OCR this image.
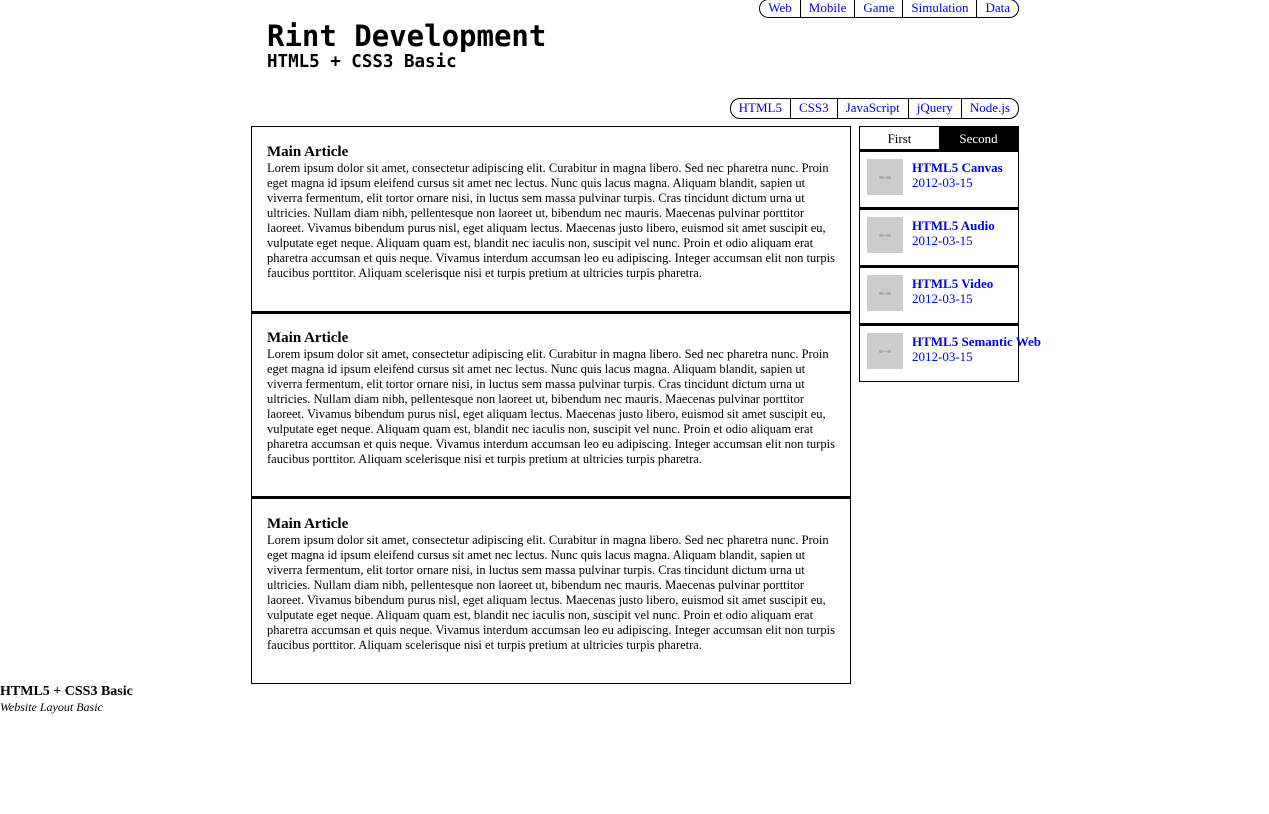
Web	Mobile	Game	Simulation	Data
Rint Development
HTML5 + CSS3 Basic
HTML5	CSS3	JavaScript	jQuery	Node.js
Main Article

Lorem ipsum dolor sit amet, consectetur adipiscing elit. Curabitur in magna libero. Sed nec pharetra nunc. Proin eget magna id ipsum eleifend cursus sit amet nec lectus. Nunc quis lacus magna. Aliquam blandit, sapien ut viverra fermentum, elit tortor ornare nisi, in luctus sem massa pulvinar turpis. Cras tincidunt dictum urna ut ultricies. Nullam diam nibh, pellentesque non laoreet ut, bibendum nec mauris. Maecenas pulvinar porttitor laoreet. Vivamus bibendum purus nisl, eget aliquam lectus. Maecenas justo libero, euismod sit amet suscipit eu, vulputate eget neque. Aliquam quam est, blandit nec iaculis non, suscipit vel nunc. Proin et odio aliquam erat pharetra accumsan et quis neque. Vivamus interdum accumsan leo eu adipiscing. Integer accumsan elit non turpis faucibus porttitor. Aliquam scelerisque nisi et turpis pretium at ultricies turpis pharetra.

Main Article

Lorem ipsum dolor sit amet, consectetur adipiscing elit. Curabitur in magna libero. Sed nec pharetra nunc. Proin eget magna id ipsum eleifend cursus sit amet nec lectus. Nunc quis lacus magna. Aliquam blandit, sapien ut viverra fermentum, elit tortor ornare nisi, in luctus sem massa pulvinar turpis. Cras tincidunt dictum urna ut ultricies. Nullam diam nibh, pellentesque non laoreet ut, bibendum nec mauris. Maecenas pulvinar porttitor laoreet. Vivamus bibendum purus nisl, eget aliquam lectus. Maecenas justo libero, euismod sit amet suscipit eu, vulputate eget neque. Aliquam quam est, blandit nec iaculis non, suscipit vel nunc. Proin et odio aliquam erat pharetra accumsan et quis neque. Vivamus interdum accumsan leo eu adipiscing. Integer accumsan elit non turpis faucibus porttitor. Aliquam scelerisque nisi et turpis pretium at ultricies turpis pharetra.

Main Article

Lorem ipsum dolor sit amet, consectetur adipiscing elit. Curabitur in magna libero. Sed nec pharetra nunc. Proin eget magna id ipsum eleifend cursus sit amet nec lectus. Nunc quis lacus magna. Aliquam blandit, sapien ut viverra fermentum, elit tortor ornare nisi, in luctus sem massa pulvinar turpis. Cras tincidunt dictum urna ut ultricies. Nullam diam nibh, pellentesque non laoreet ut, bibendum nec mauris. Maecenas pulvinar porttitor laoreet. Vivamus bibendum purus nisl, eget aliquam lectus. Maecenas justo libero, euismod sit amet suscipit eu, vulputate eget neque. Aliquam quam est, blandit nec iaculis non, suscipit vel nunc. Proin et odio aliquam erat pharetra accumsan et quis neque. Vivamus interdum accumsan leo eu adipiscing. Integer accumsan elit non turpis faucibus porttitor. Aliquam scelerisque nisi et turpis pretium at ultricies turpis pharetra.

First	Second
HTML5 Canvas
2012-03-15
HTML5 Audio
2012-03-15
HTML5 Video
2012-03-15
HTML5 Semantic Web
2012-03-15
HTML5 + CSS3 Basic

Website Layout Basic
